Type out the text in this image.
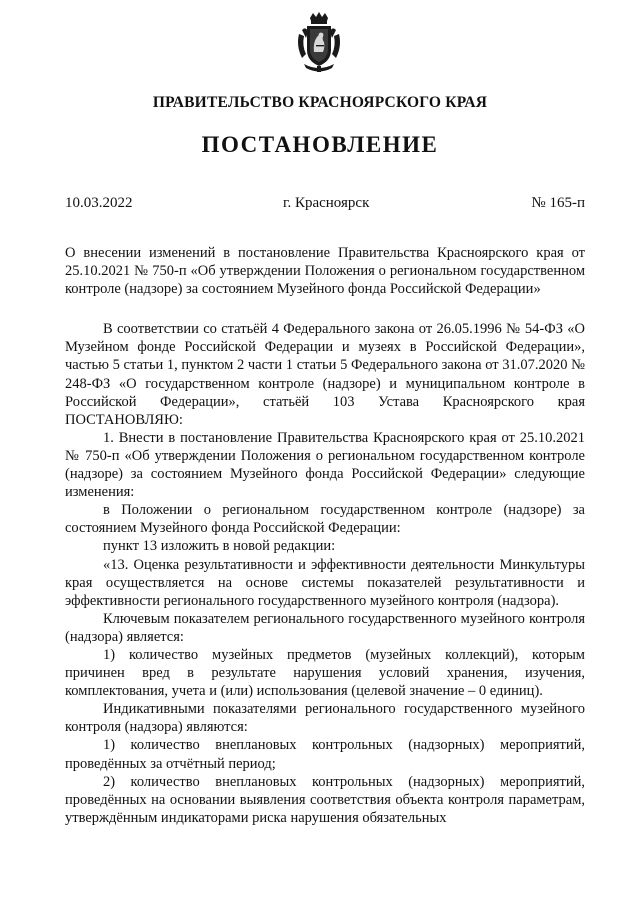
ПРАВИТЕЛЬСТВО КРАСНОЯРСКОГО КРАЯ
ПОСТАНОВЛЕНИЕ
10.03.2022	г. Красноярск	№ 165-п

О внесении изменений в постановление Правительства Красноярского края от 25.10.2021 № 750-п «Об утверждении Положения о региональном государственном контроле (надзоре) за состоянием Музейного фонда Российской Федерации»

В соответствии со статьёй 4 Федерального закона от 26.05.1996 № 54-ФЗ «О Музейном фонде Российской Федерации и музеях в Российской Федерации», частью 5 статьи 1, пунктом 2 части 1 статьи 5 Федерального закона от 31.07.2020 № 248-ФЗ «О государственном контроле (надзоре) и муниципальном контроле в Российской Федерации», статьёй 103 Устава Красноярского края ПОСТАНОВЛЯЮ:

1. Внести в постановление Правительства Красноярского края от 25.10.2021 № 750-п «Об утверждении Положения о региональном государственном контроле (надзоре) за состоянием Музейного фонда Российской Федерации» следующие изменения:

в Положении о региональном государственном контроле (надзоре) за состоянием Музейного фонда Российской Федерации:

пункт 13 изложить в новой редакции:

«13. Оценка результативности и эффективности деятельности Минкультуры края осуществляется на основе системы показателей результативности и эффективности регионального государственного музейного контроля (надзора).

Ключевым показателем регионального государственного музейного контроля (надзора) является:

1) количество музейных предметов (музейных коллекций), которым причинен вред в результате нарушения условий хранения, изучения, комплектования, учета и (или) использования (целевой значение – 0 единиц).

Индикативными показателями регионального государственного музейного контроля (надзора) являются:

1) количество внеплановых контрольных (надзорных) мероприятий, проведённых за отчётный период;

2) количество внеплановых контрольных (надзорных) мероприятий, проведённых на основании выявления соответствия объекта контроля параметрам, утверждённым индикаторами риска нарушения обязательных
